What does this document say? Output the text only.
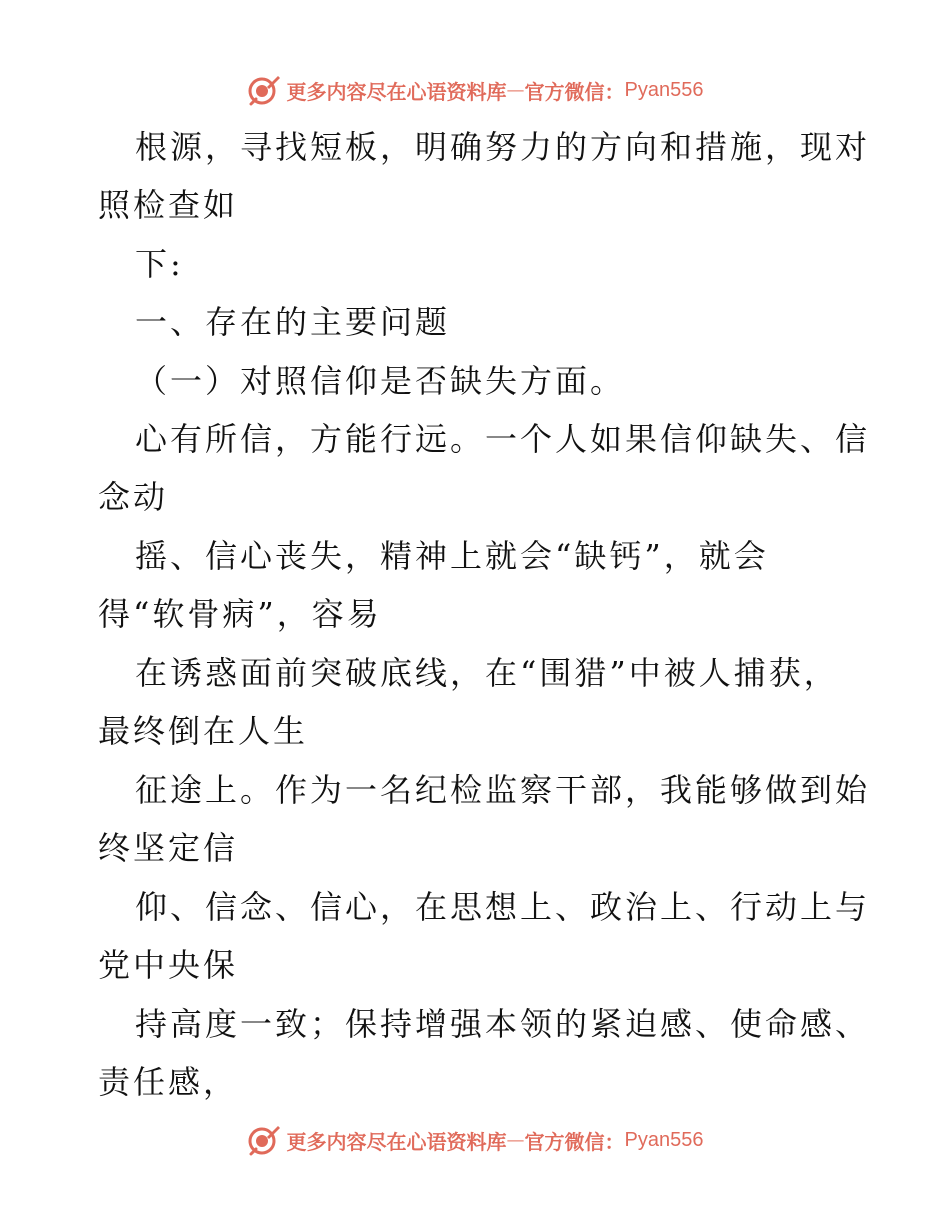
更多内容尽在心语资料库 — 官方微信： Pyan556
根源，寻找短板，明确努力的方向和措施，现对
照检查如
下:
一、存在的主要问题
（一）对照信仰是否缺失方面。
心有所信，方能行远。一个人如果信仰缺失、信
念动
摇、信心丧失，精神上就会“缺钙”，就会
得“软骨病”，容易
在诱惑面前突破底线，在“围猎”中被人捕获，
最终倒在人生
征途上。作为一名纪检监察干部，我能够做到始
终坚定信
仰、信念、信心，在思想上、政治上、行动上与
党中央保
持高度一致；保持增强本领的紧迫感、使命感、
责任感，
更多内容尽在心语资料库 — 官方微信： Pyan556
